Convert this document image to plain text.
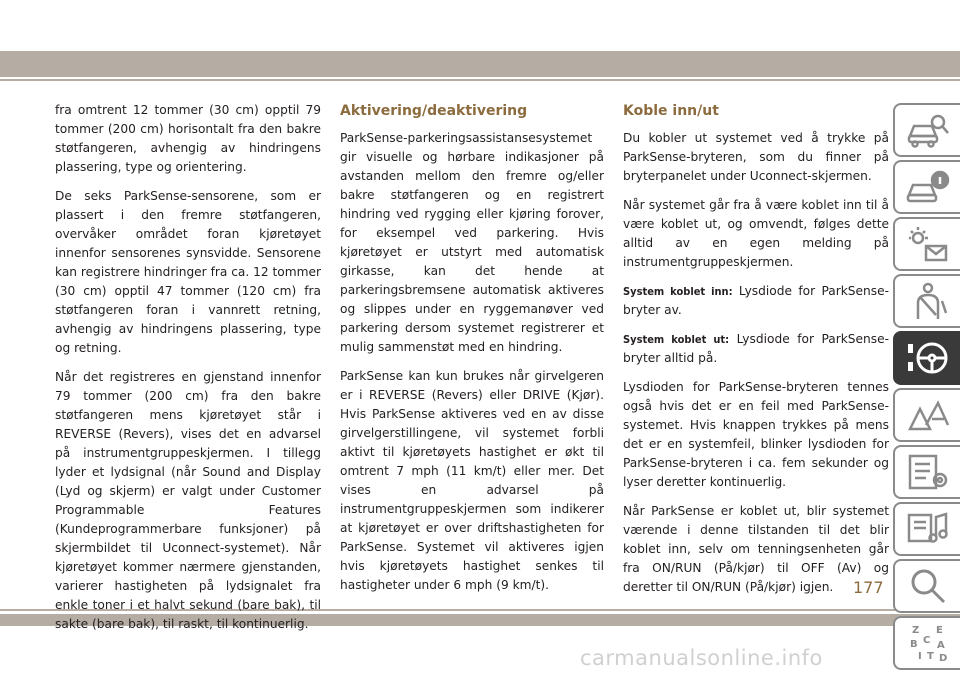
fra omtrent 12 tommer (30 cm) opptil 79 tommer (200 cm) horisontalt fra den bakre støtfangeren, avhengig av hindringens plassering, type og orientering.

De seks ParkSense-sensorene, som er plassert i den fremre støtfangeren, overvåker området foran kjøretøyet innenfor sensorenes synsvidde. Sensorene kan registrere hindringer fra ca. 12 tommer (30 cm) opptil 47 tommer (120 cm) fra støtfangeren foran i vannrett retning, avhengig av hindringens plassering, type og retning.

Når det registreres en gjenstand innenfor 79 tommer (200 cm) fra den bakre støtfangeren mens kjøretøyet står i REVERSE (Revers), vises det en advarsel på instrumentgruppeskjermen. I tillegg lyder et lydsignal (når Sound and Display (Lyd og skjerm) er valgt under Customer Programmable Features (Kundeprogrammerbare funksjoner) på skjermbildet til Uconnect-systemet). Når kjøretøyet kommer nærmere gjenstanden, varierer hastigheten på lydsignalet fra enkle toner i et halvt sekund (bare bak), til sakte (bare bak), til raskt, til kontinuerlig.

Aktivering/deaktivering

ParkSense-parkeringsassistansesystemet gir visuelle og hørbare indikasjoner på avstanden mellom den fremre og/eller bakre støtfangeren og en registrert hindring ved rygging eller kjøring forover, for eksempel ved parkering. Hvis kjøretøyet er utstyrt med automatisk girkasse, kan det hende at parkeringsbremsene automatisk aktiveres og slippes under en ryggemanøver ved parkering dersom systemet registrerer et mulig sammenstøt med en hindring.

ParkSense kan kun brukes når girvelgeren er i REVERSE (Revers) eller DRIVE (Kjør). Hvis ParkSense aktiveres ved en av disse girvelgerstillingene, vil systemet forbli aktivt til kjøretøyets hastighet er økt til omtrent 7 mph (11 km/t) eller mer. Det vises en advarsel på instrumentgruppeskjermen som indikerer at kjøretøyet er over driftshastigheten for ParkSense. Systemet vil aktiveres igjen hvis kjøretøyets hastighet senkes til hastigheter under 6 mph (9 km/t).

Koble inn/ut

Du kobler ut systemet ved å trykke på ParkSense-bryteren, som du finner på bryterpanelet under Uconnect-skjermen.

Når systemet går fra å være koblet inn til å være koblet ut, og omvendt, følges dette alltid av en egen melding på instrumentgruppeskjermen.

System koblet inn: Lysdiode for ParkSense-bryter av.

System koblet ut: Lysdiode for ParkSense-bryter alltid på.

Lysdioden for ParkSense-bryteren tennes også hvis det er en feil med ParkSense-systemet. Hvis knappen trykkes på mens det er en systemfeil, blinker lysdioden for ParkSense-bryteren i ca. fem sekunder og lyser deretter kontinuerlig.

Når ParkSense er koblet ut, blir systemet værende i denne tilstanden til det blir koblet inn, selv om tenningsenheten går fra ON/RUN (På/kjør) til OFF (Av) og deretter til ON/RUN (På/kjør) igjen.

Z E
B C A
I T D
177
carmanualsonline.info
